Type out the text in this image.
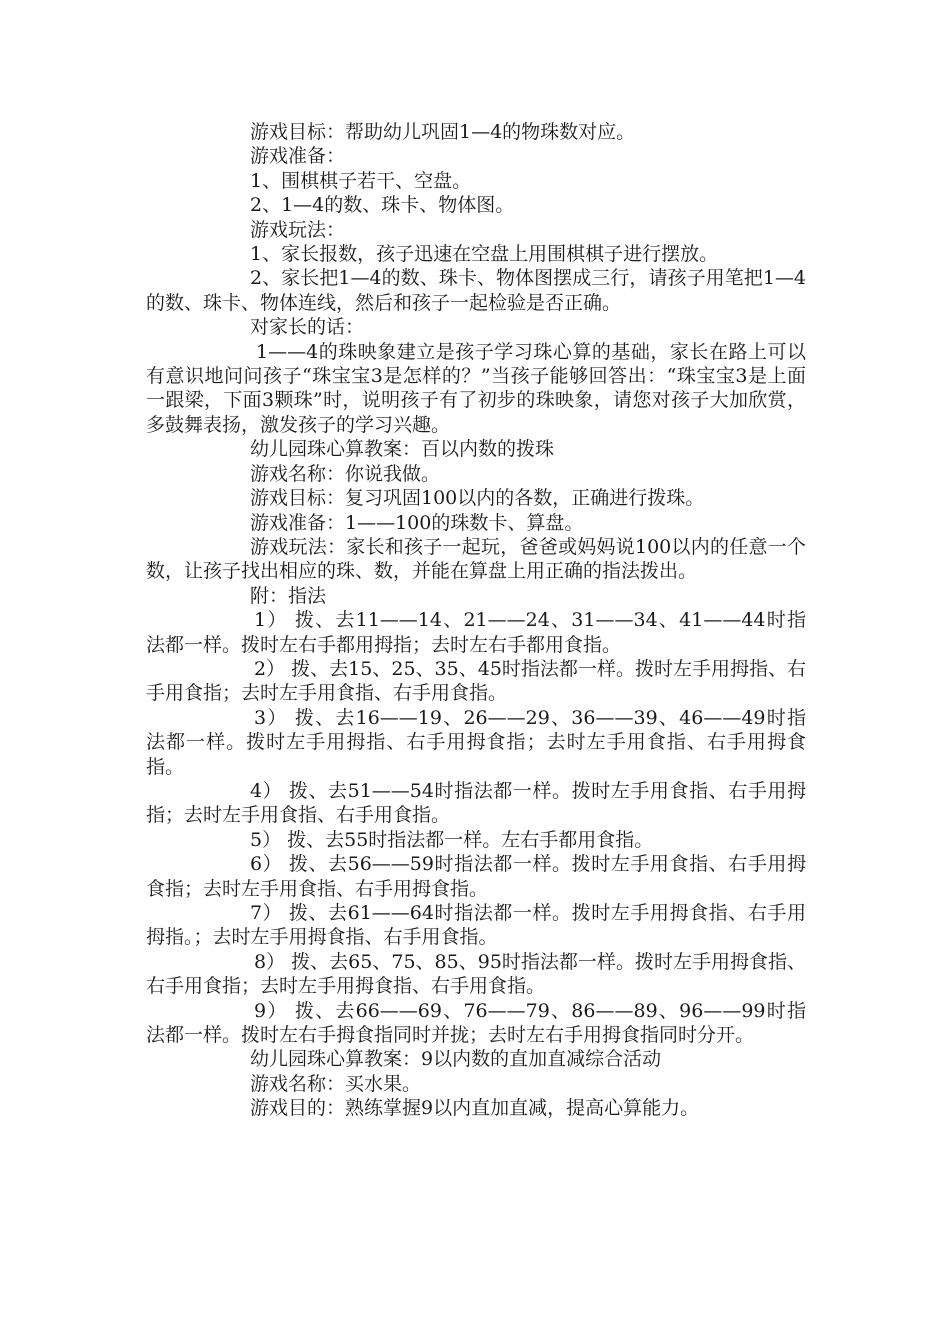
游戏目标：帮助幼儿巩固1—4的物珠数对应。

游戏准备：

1、围棋棋子若干、空盘。

2、1—4的数、珠卡、物体图。

游戏玩法：

1、家长报数，孩子迅速在空盘上用围棋棋子进行摆放。

2、家长把1—4的数、珠卡、物体图摆成三行，请孩子用笔把1—4的数、珠卡、物体连线，然后和孩子一起检验是否正确。

对家长的话：

1——4的珠映象建立是孩子学习珠心算的基础，家长在路上可以有意识地问问孩子“珠宝宝3是怎样的？”当孩子能够回答出：“珠宝宝3是上面一跟梁，下面3颗珠”时，说明孩子有了初步的珠映象，请您对孩子大加欣赏，多鼓舞表扬，激发孩子的学习兴趣。

幼儿园珠心算教案：百以内数的拨珠

游戏名称：你说我做。

游戏目标：复习巩固100以内的各数，正确进行拨珠。

游戏准备：1——100的珠数卡、算盘。

游戏玩法：家长和孩子一起玩，爸爸或妈妈说100以内的任意一个数，让孩子找出相应的珠、数，并能在算盘上用正确的指法拨出。

附：指法

1） 拨、去11——14、21——24、31——34、41——44时指法都一样。拨时左右手都用拇指；去时左右手都用食指。

2） 拨、去15、25、35、45时指法都一样。拨时左手用拇指、右手用食指；去时左手用食指、右手用食指。

3） 拨、去16——19、26——29、36——39、46——49时指法都一样。拨时左手用拇指、右手用拇食指；去时左手用食指、右手用拇食指。

4） 拨、去51——54时指法都一样。拨时左手用食指、右手用拇指；去时左手用食指、右手用食指。

5） 拨、去55时指法都一样。左右手都用食指。

6） 拨、去56——59时指法都一样。拨时左手用食指、右手用拇食指；去时左手用食指、右手用拇食指。

7） 拨、去61——64时指法都一样。拨时左手用拇食指、右手用拇指。；去时左手用拇食指、右手用食指。

8） 拨、去65、75、85、95时指法都一样。拨时左手用拇食指、右手用食指；去时左手用拇食指、右手用食指。

9） 拨、去66——69、76——79、86——89、96——99时指法都一样。拨时左右手拇食指同时并拢；去时左右手用拇食指同时分开。

幼儿园珠心算教案：9以内数的直加直减综合活动

游戏名称：买水果。

游戏目的：熟练掌握9以内直加直减，提高心算能力。
